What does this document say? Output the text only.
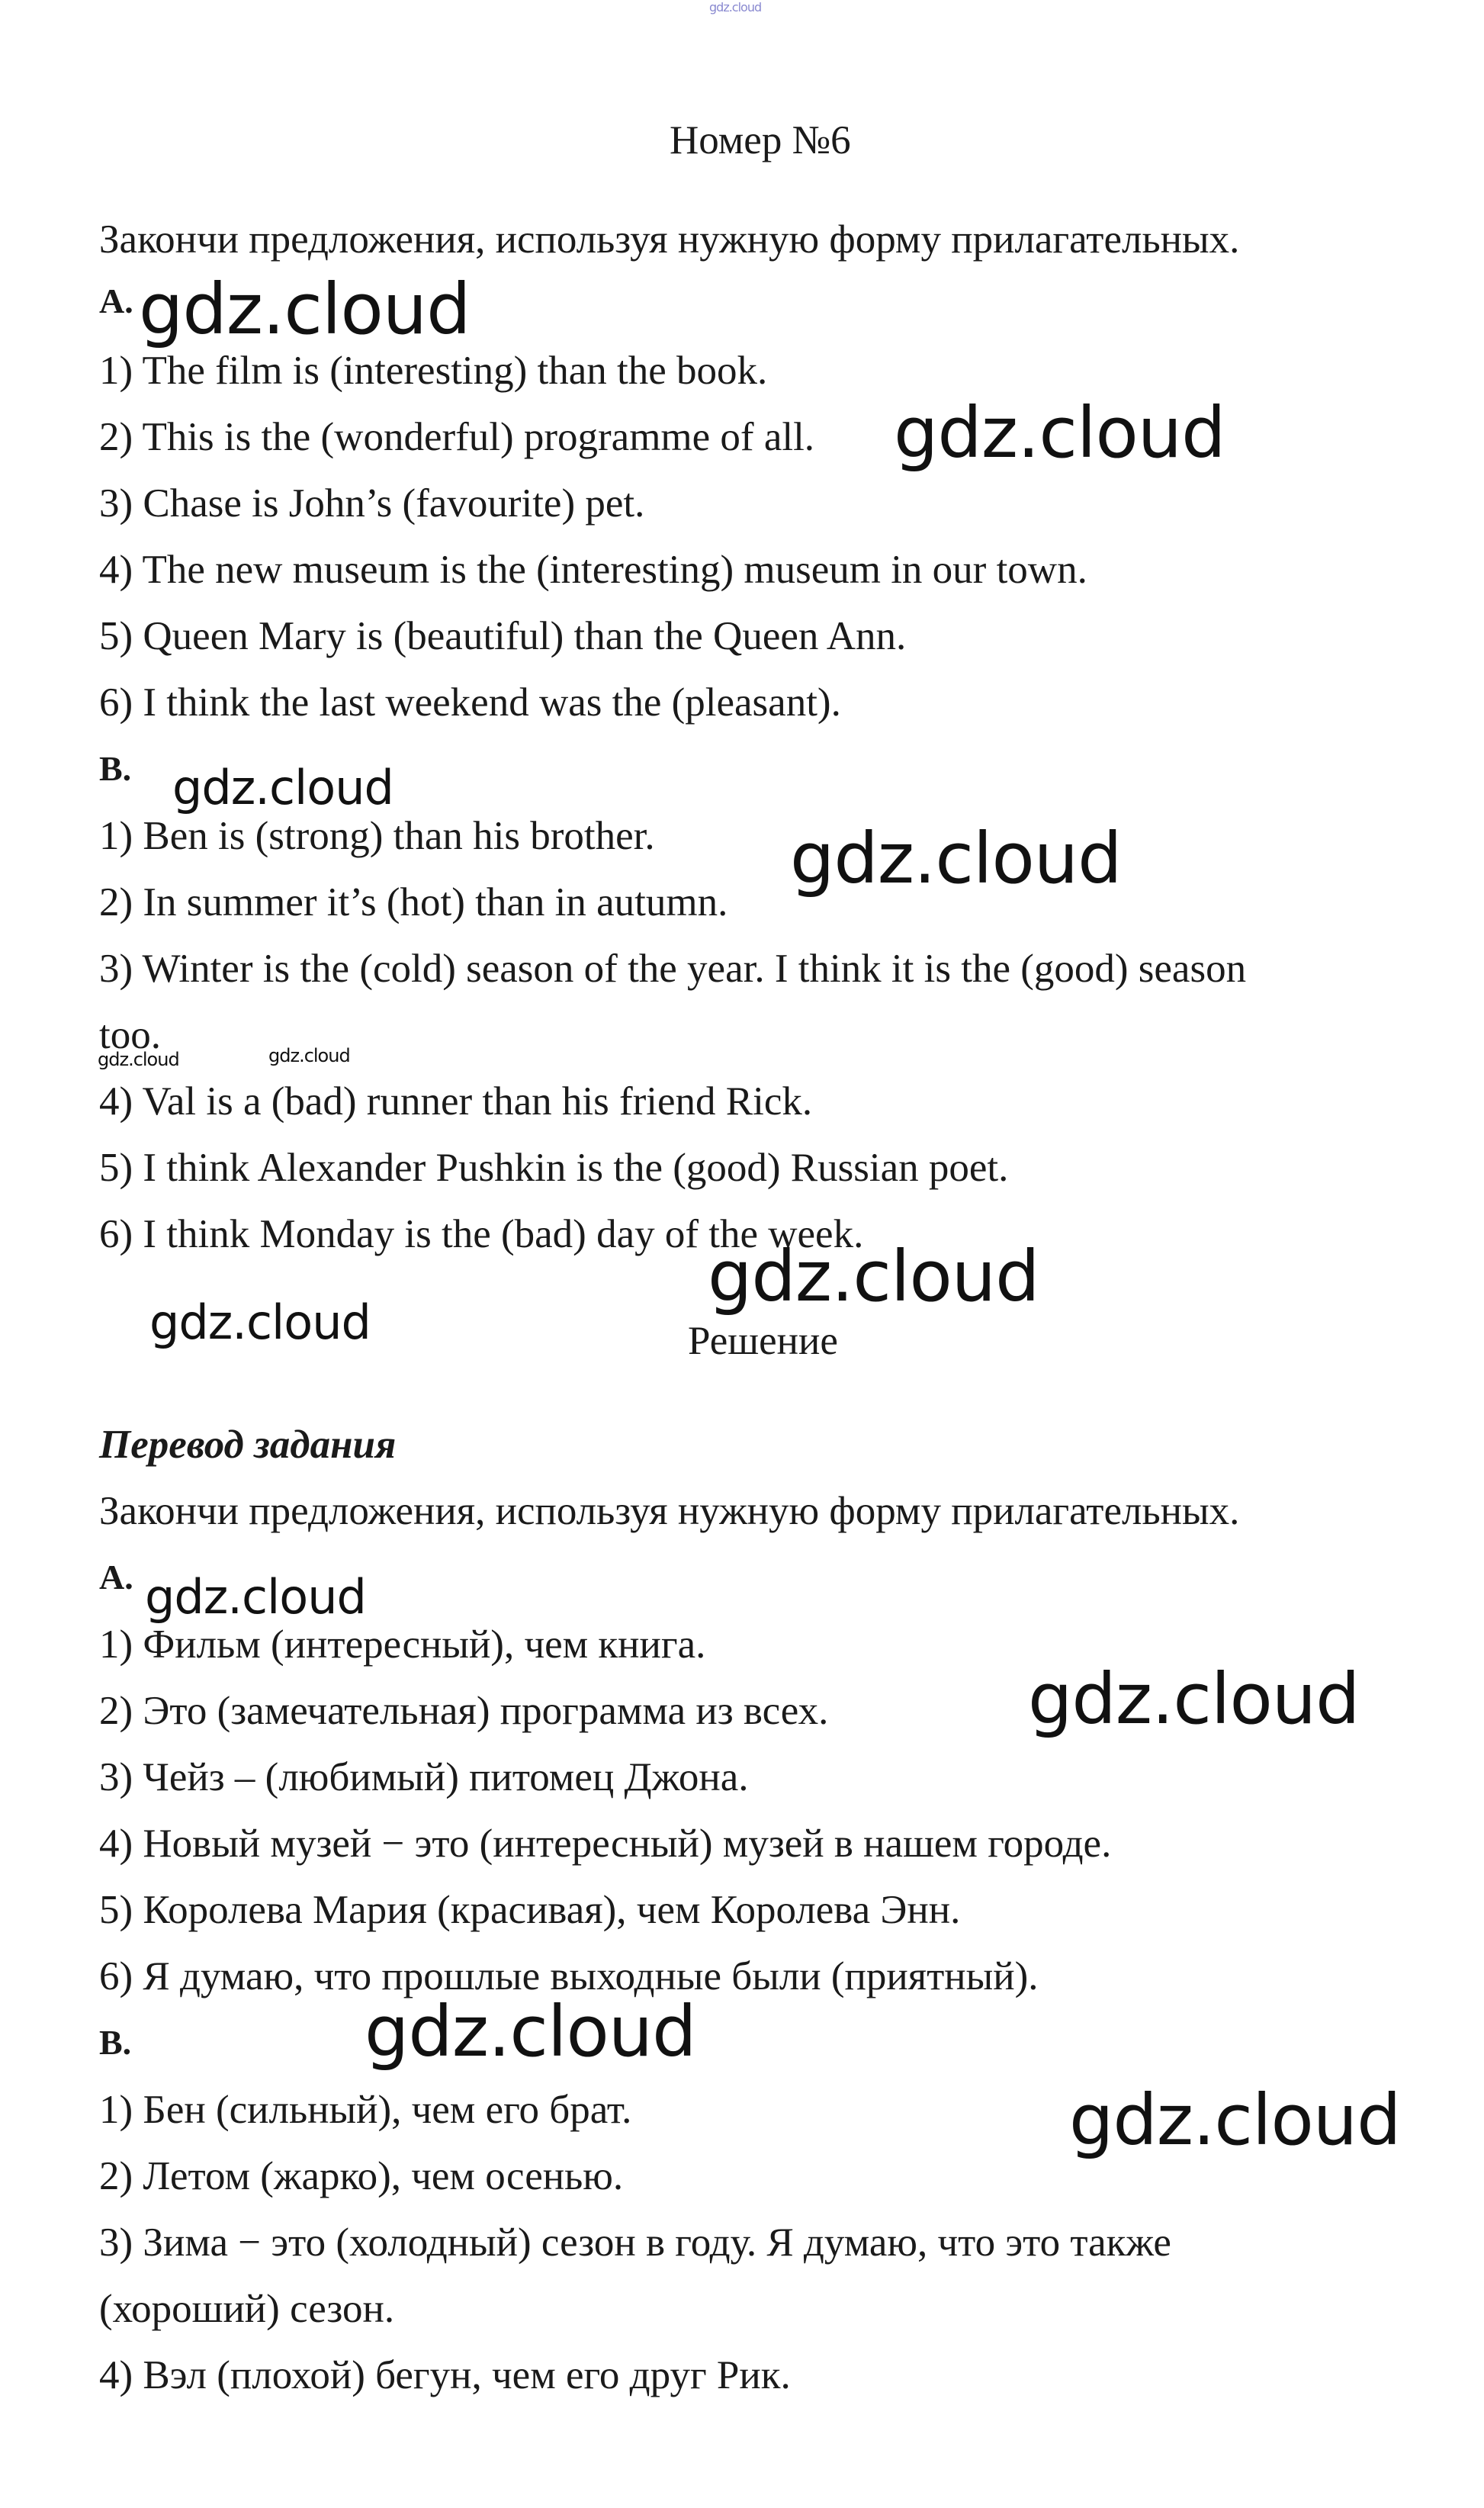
Номер №6
Закончи предложения, используя нужную форму прилагательных.
A.
1) The film is (interesting) than the book.
2) This is the (wonderful) programme of all.
3) Chase is John’s (favourite) pet.
4) The new museum is the (interesting) museum in our town.
5) Queen Mary is (beautiful) than the Queen Ann.
6) I think the last weekend was the (pleasant).
B.
1) Ben is (strong) than his brother.
2) In summer it’s (hot) than in autumn.
3) Winter is the (cold) season of the year. I think it is the (good) season
too.
4) Val is a (bad) runner than his friend Rick.
5) I think Alexander Pushkin is the (good) Russian poet.
6) I think Monday is the (bad) day of the week.
Решение
Перевод задания
Закончи предложения, используя нужную форму прилагательных.
A.
1) Фильм (интересный), чем книга.
2) Это (замечательная) программа из всех.
3) Чейз – (любимый) питомец Джона.
4) Новый музей − это (интересный) музей в нашем городе.
5) Королева Мария (красивая), чем Королева Энн.
6) Я думаю, что прошлые выходные были (приятный).
B.
1) Бен (сильный), чем его брат.
2) Летом (жарко), чем осенью.
3) Зима − это (холодный) сезон в году. Я думаю, что это также
(хороший) сезон.
4) Вэл (плохой) бегун, чем его друг Рик.
gdz.cloud
gdz.cloud
gdz.cloud
gdz.cloud
gdz.cloud
gdz.cloud	gdz.cloud
gdz.cloud
gdz.cloud
gdz.cloud
gdz.cloud
gdz.cloud
gdz.cloud
